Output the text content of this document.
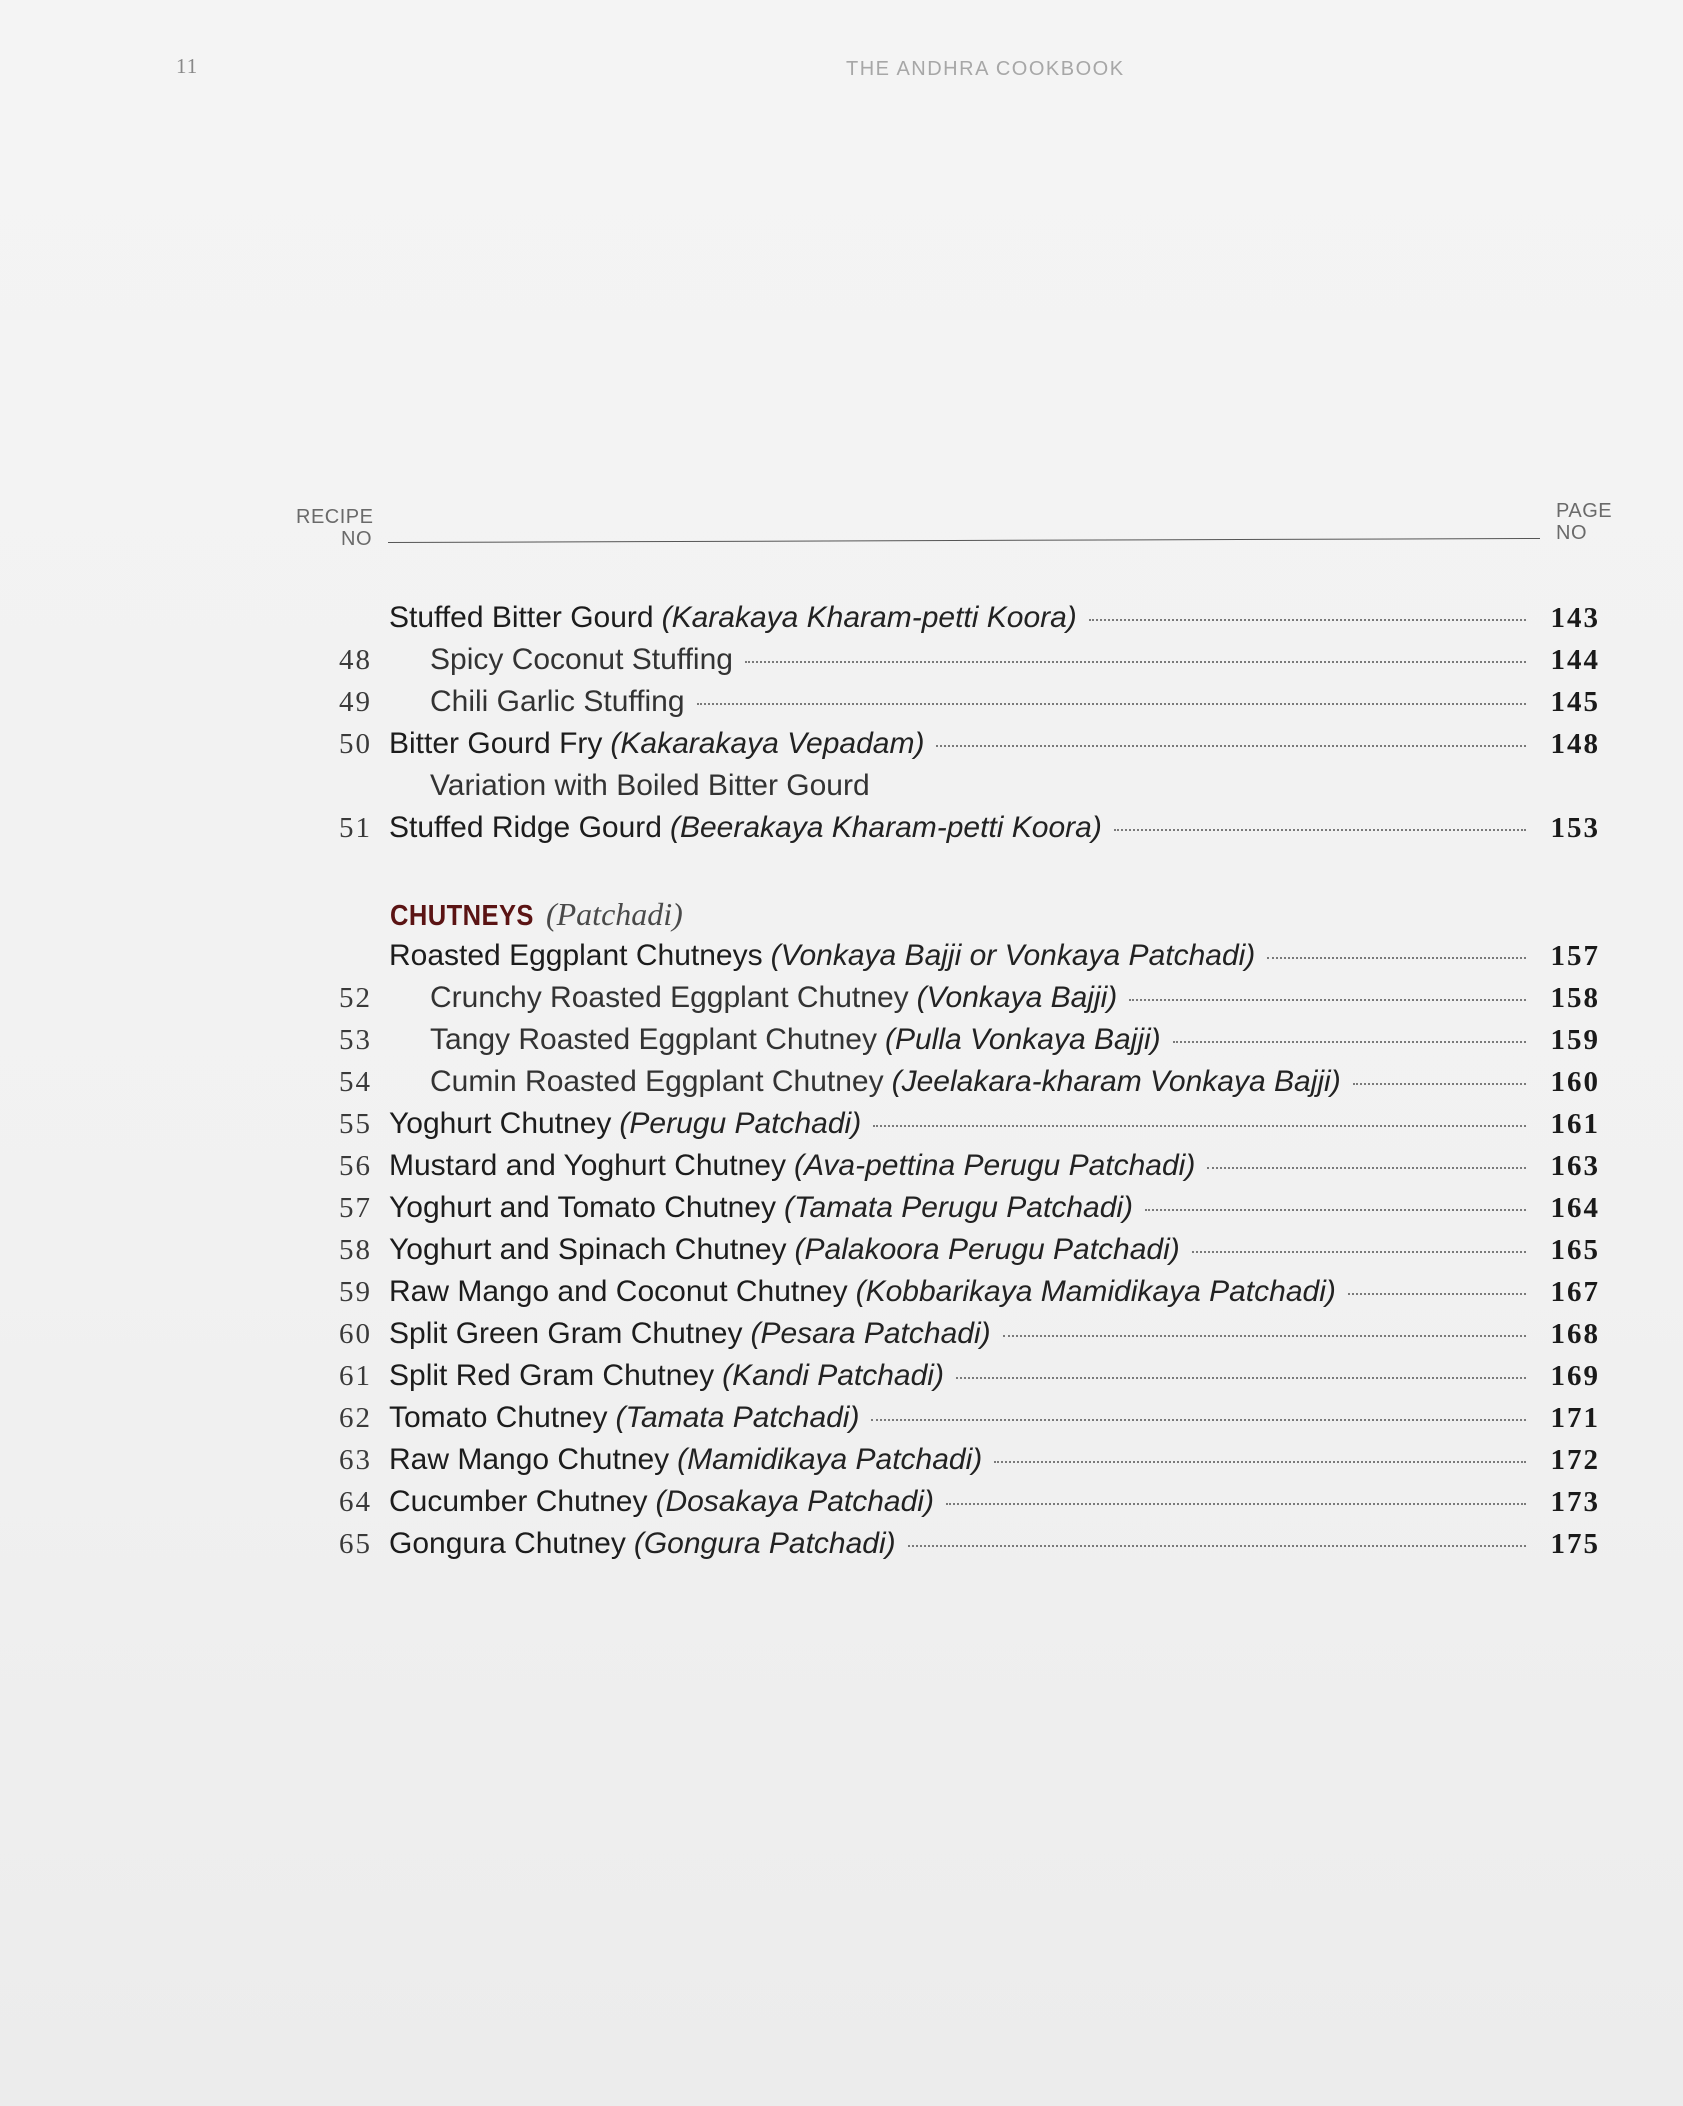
11	THE ANDHRA COOKBOOK
RECIPE
NO
PAGE
NO
Stuffed Bitter Gourd (Karakaya Kharam-petti Koora)	143
48 Spicy Coconut Stuffing	144
49 Chili Garlic Stuffing	145
50 Bitter Gourd Fry (Kakarakaya Vepadam)	148
Variation with Boiled Bitter Gourd
51 Stuffed Ridge Gourd (Beerakaya Kharam-petti Koora)	153
CHUTNEYS (Patchadi)
Roasted Eggplant Chutneys (Vonkaya Bajji or Vonkaya Patchadi)	157
52 Crunchy Roasted Eggplant Chutney (Vonkaya Bajji)	158
53 Tangy Roasted Eggplant Chutney (Pulla Vonkaya Bajji)	159
54 Cumin Roasted Eggplant Chutney (Jeelakara-kharam Vonkaya Bajji)	160
55 Yoghurt Chutney (Perugu Patchadi)	161
56 Mustard and Yoghurt Chutney (Ava-pettina Perugu Patchadi)	163
57 Yoghurt and Tomato Chutney (Tamata Perugu Patchadi)	164
58 Yoghurt and Spinach Chutney (Palakoora Perugu Patchadi)	165
59 Raw Mango and Coconut Chutney (Kobbarikaya Mamidikaya Patchadi)	167
60 Split Green Gram Chutney (Pesara Patchadi)	168
61 Split Red Gram Chutney (Kandi Patchadi)	169
62 Tomato Chutney (Tamata Patchadi)	171
63 Raw Mango Chutney (Mamidikaya Patchadi)	172
64 Cucumber Chutney (Dosakaya Patchadi)	173
65 Gongura Chutney (Gongura Patchadi)	175
